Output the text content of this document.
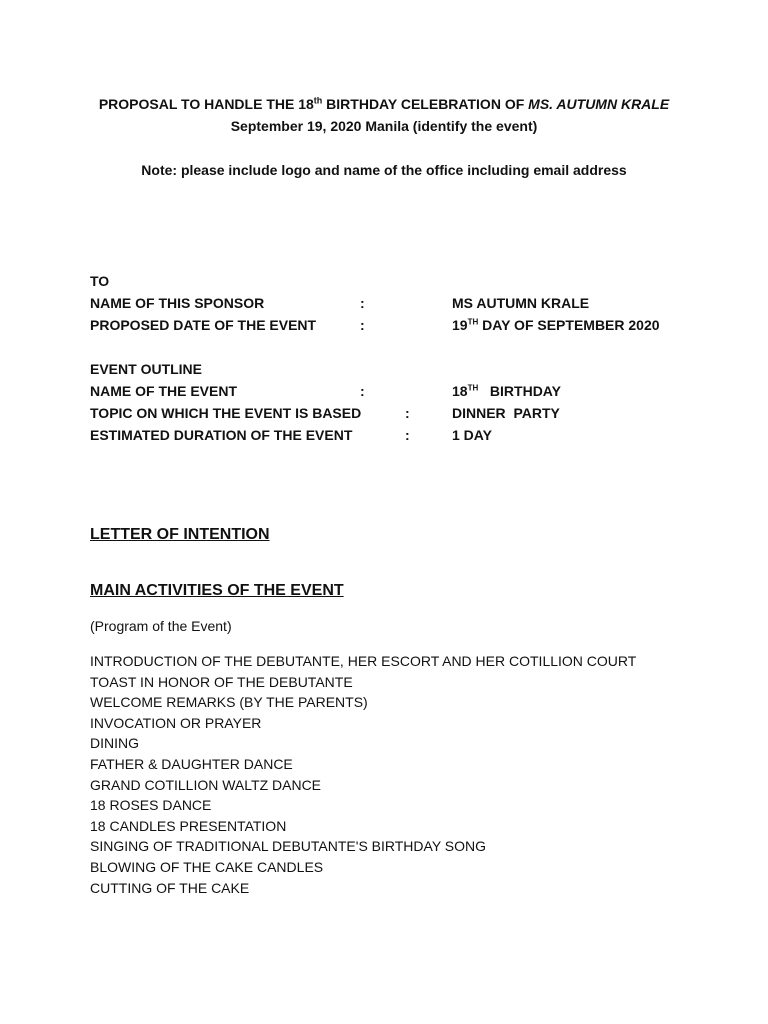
PROPOSAL TO HANDLE THE 18th BIRTHDAY CELEBRATION OF MS. AUTUMN KRALE
September 19, 2020 Manila (identify the event)
Note: please include logo and name of the office including email address
TO
NAME OF THIS SPONSOR	:	MS AUTUMN KRALE
PROPOSED DATE OF THE EVENT	:	19TH DAY OF SEPTEMBER 2020
EVENT OUTLINE
NAME OF THE EVENT	:	18TH   BIRTHDAY
TOPIC ON WHICH THE EVENT IS BASED	:	DINNER  PARTY
ESTIMATED DURATION OF THE EVENT	:	1 DAY
LETTER OF INTENTION
MAIN ACTIVITIES OF THE EVENT
(Program of the Event)
INTRODUCTION OF THE DEBUTANTE, HER ESCORT AND HER COTILLION COURT
TOAST IN HONOR OF THE DEBUTANTE
WELCOME REMARKS (BY THE PARENTS)
INVOCATION OR PRAYER
DINING
FATHER & DAUGHTER DANCE
GRAND COTILLION WALTZ DANCE
18 ROSES DANCE
18 CANDLES PRESENTATION
SINGING OF TRADITIONAL DEBUTANTE'S BIRTHDAY SONG
BLOWING OF THE CAKE CANDLES
CUTTING OF THE CAKE
